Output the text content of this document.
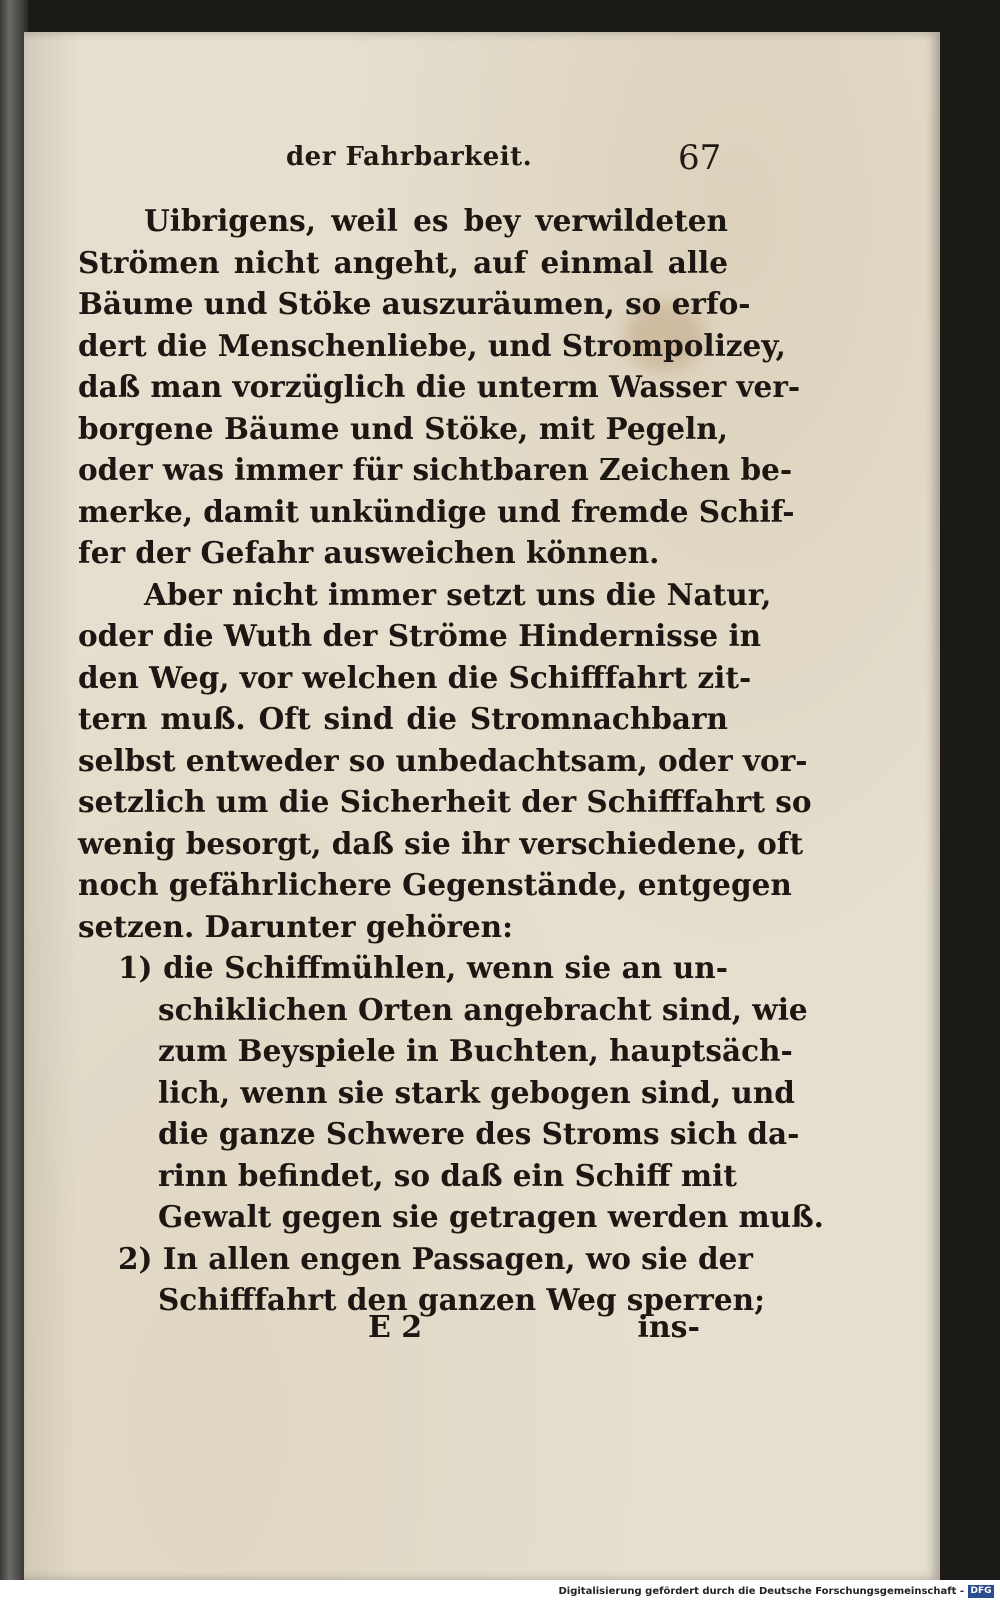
der Fahrbarkeit.	67
Uibrigens, weil es bey verwildeten
Strömen nicht angeht, auf einmal alle
Bäume und Stöke auszuräumen, so erfo-
dert die Menschenliebe, und Strompolizey,
daß man vorzüglich die unterm Wasser ver-
borgene Bäume und Stöke, mit Pegeln,
oder was immer für sichtbaren Zeichen be-
merke, damit unkündige und fremde Schif-
fer der Gefahr ausweichen können.
Aber nicht immer setzt uns die Natur,
oder die Wuth der Ströme Hindernisse in
den Weg, vor welchen die Schifffahrt zit-
tern muß. Oft sind die Stromnachbarn
selbst entweder so unbedachtsam, oder vor-
setzlich um die Sicherheit der Schifffahrt so
wenig besorgt, daß sie ihr verschiedene, oft
noch gefährlichere Gegenstände, entgegen
setzen. Darunter gehören:
1) die Schiffmühlen, wenn sie an un-
schiklichen Orten angebracht sind, wie
zum Beyspiele in Buchten, hauptsäch-
lich, wenn sie stark gebogen sind, und
die ganze Schwere des Stroms sich da-
rinn befindet, so daß ein Schiff mit
Gewalt gegen sie getragen werden muß.
2) In allen engen Passagen, wo sie der
Schifffahrt den ganzen Weg sperren;
E 2	ins-
Digitalisierung gefördert durch die Deutsche Forschungsgemeinschaft - DFG
